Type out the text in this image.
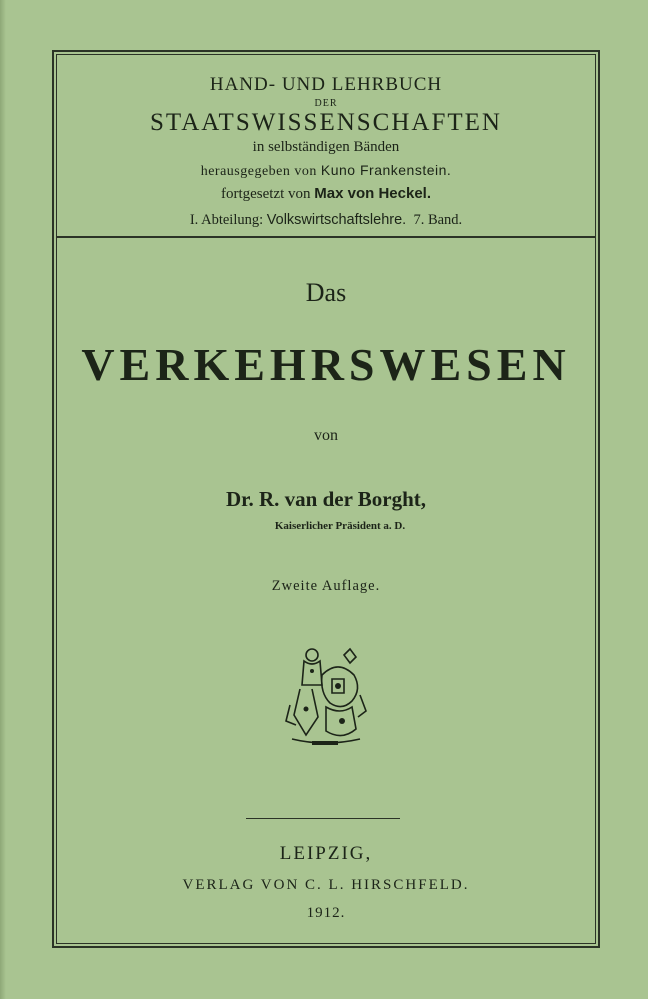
HAND- UND LEHRBUCH
DER
STAATSWISSENSCHAFTEN
in selbständigen Bänden
herausgegeben von Kuno Frankenstein.
fortgesetzt von Max von Heckel.
I. Abteilung: Volkswirtschaftslehre. 7. Band.
Das
VERKEHRSWESEN
von
Dr. R. van der Borght,
Kaiserlicher Präsident a. D.
Zweite Auflage.
LEIPZIG,
VERLAG VON C. L. HIRSCHFELD.
1912.
